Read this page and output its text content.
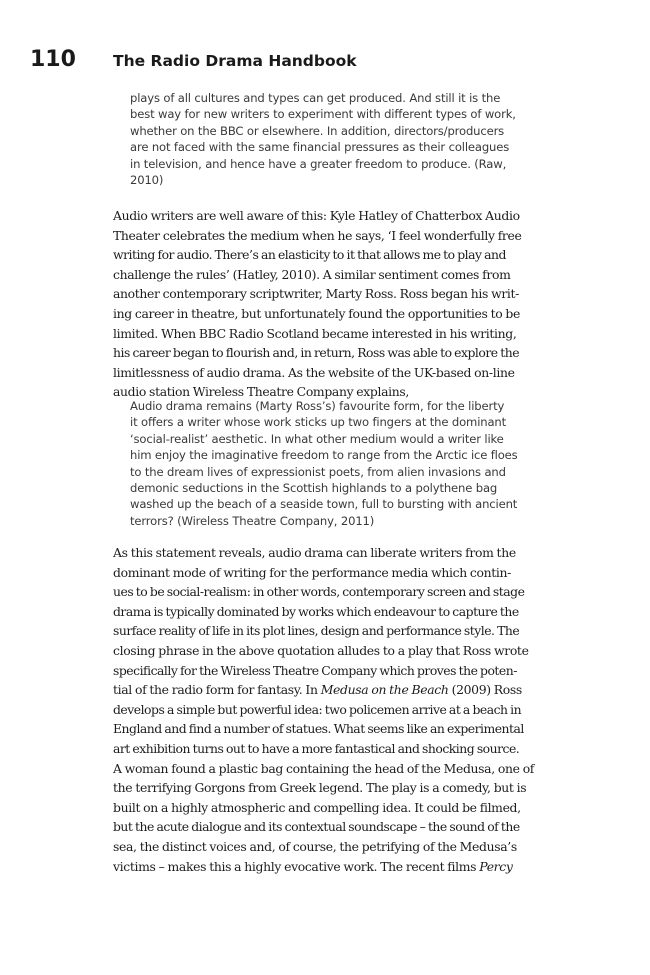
110 The Radio Drama Handbook
plays of all cultures and types can get produced. And still it is the
best way for new writers to experiment with different types of work,
whether on the BBC or elsewhere. In addition, directors/producers
are not faced with the same financial pressures as their colleagues
in television, and hence have a greater freedom to produce. (Raw,
2010)
Audio writers are well aware of this: Kyle Hatley of Chatterbox Audio
Theater celebrates the medium when he says, ‘I feel wonderfully free
writing for audio. There’s an elasticity to it that allows me to play and
challenge the rules’ (Hatley, 2010). A similar sentiment comes from
another contemporary scriptwriter, Marty Ross. Ross began his writ-
ing career in theatre, but unfortunately found the opportunities to be
limited. When BBC Radio Scotland became interested in his writing,
his career began to flourish and, in return, Ross was able to explore the
limitlessness of audio drama. As the website of the UK-based on-line
audio station Wireless Theatre Company explains,
Audio drama remains (Marty Ross’s) favourite form, for the liberty
it offers a writer whose work sticks up two fingers at the dominant
‘social-realist’ aesthetic. In what other medium would a writer like
him enjoy the imaginative freedom to range from the Arctic ice floes
to the dream lives of expressionist poets, from alien invasions and
demonic seductions in the Scottish highlands to a polythene bag
washed up the beach of a seaside town, full to bursting with ancient
terrors? (Wireless Theatre Company, 2011)
As this statement reveals, audio drama can liberate writers from the
dominant mode of writing for the performance media which contin-
ues to be social-realism: in other words, contemporary screen and stage
drama is typically dominated by works which endeavour to capture the
surface reality of life in its plot lines, design and performance style. The
closing phrase in the above quotation alludes to a play that Ross wrote
specifically for the Wireless Theatre Company which proves the poten-
tial of the radio form for fantasy. In Medusa on the Beach (2009) Ross
develops a simple but powerful idea: two policemen arrive at a beach in
England and find a number of statues. What seems like an experimental
art exhibition turns out to have a more fantastical and shocking source.
A woman found a plastic bag containing the head of the Medusa, one of
the terrifying Gorgons from Greek legend. The play is a comedy, but is
built on a highly atmospheric and compelling idea. It could be filmed,
but the acute dialogue and its contextual soundscape – the sound of the
sea, the distinct voices and, of course, the petrifying of the Medusa’s
victims – makes this a highly evocative work. The recent films Percy
